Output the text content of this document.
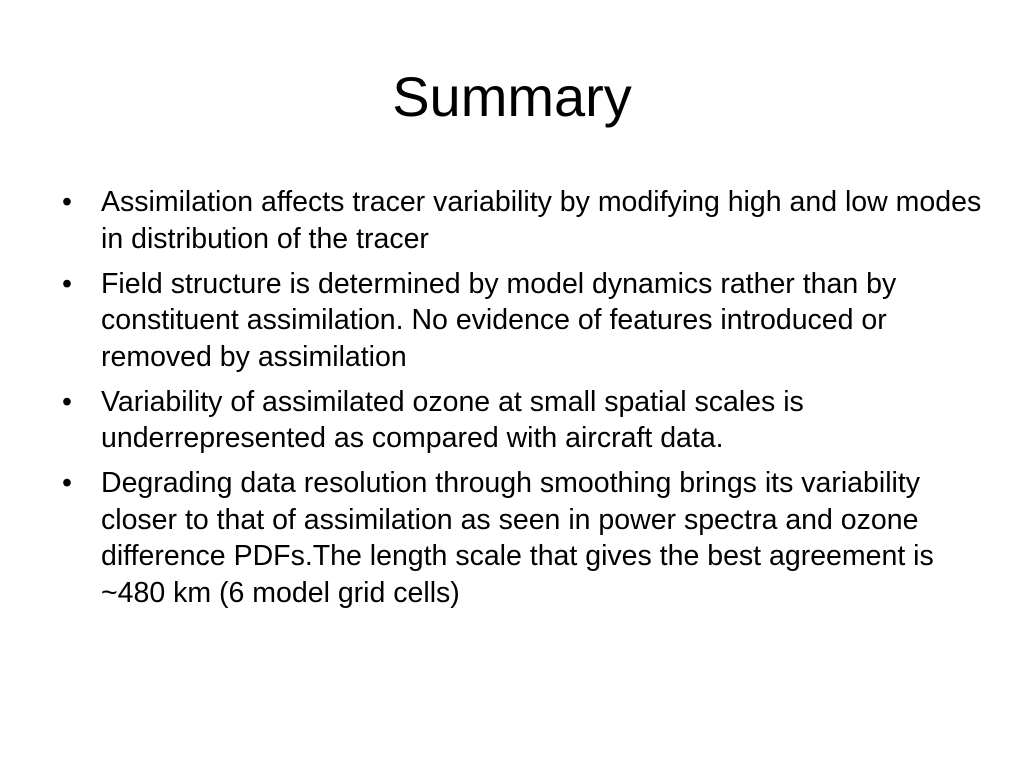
Summary
•	Assimilation affects tracer variability by modifying high and low modes in distribution of the tracer
•	Field structure is determined by model dynamics rather than by constituent assimilation. No evidence of features introduced or removed by assimilation
•	Variability of assimilated ozone at small spatial scales is underrepresented as compared with aircraft data.
•	Degrading data resolution through smoothing brings its variability closer to that of assimilation as seen in power spectra and ozone difference PDFs.The length scale that gives the best agreement is ~480 km (6 model grid cells)
